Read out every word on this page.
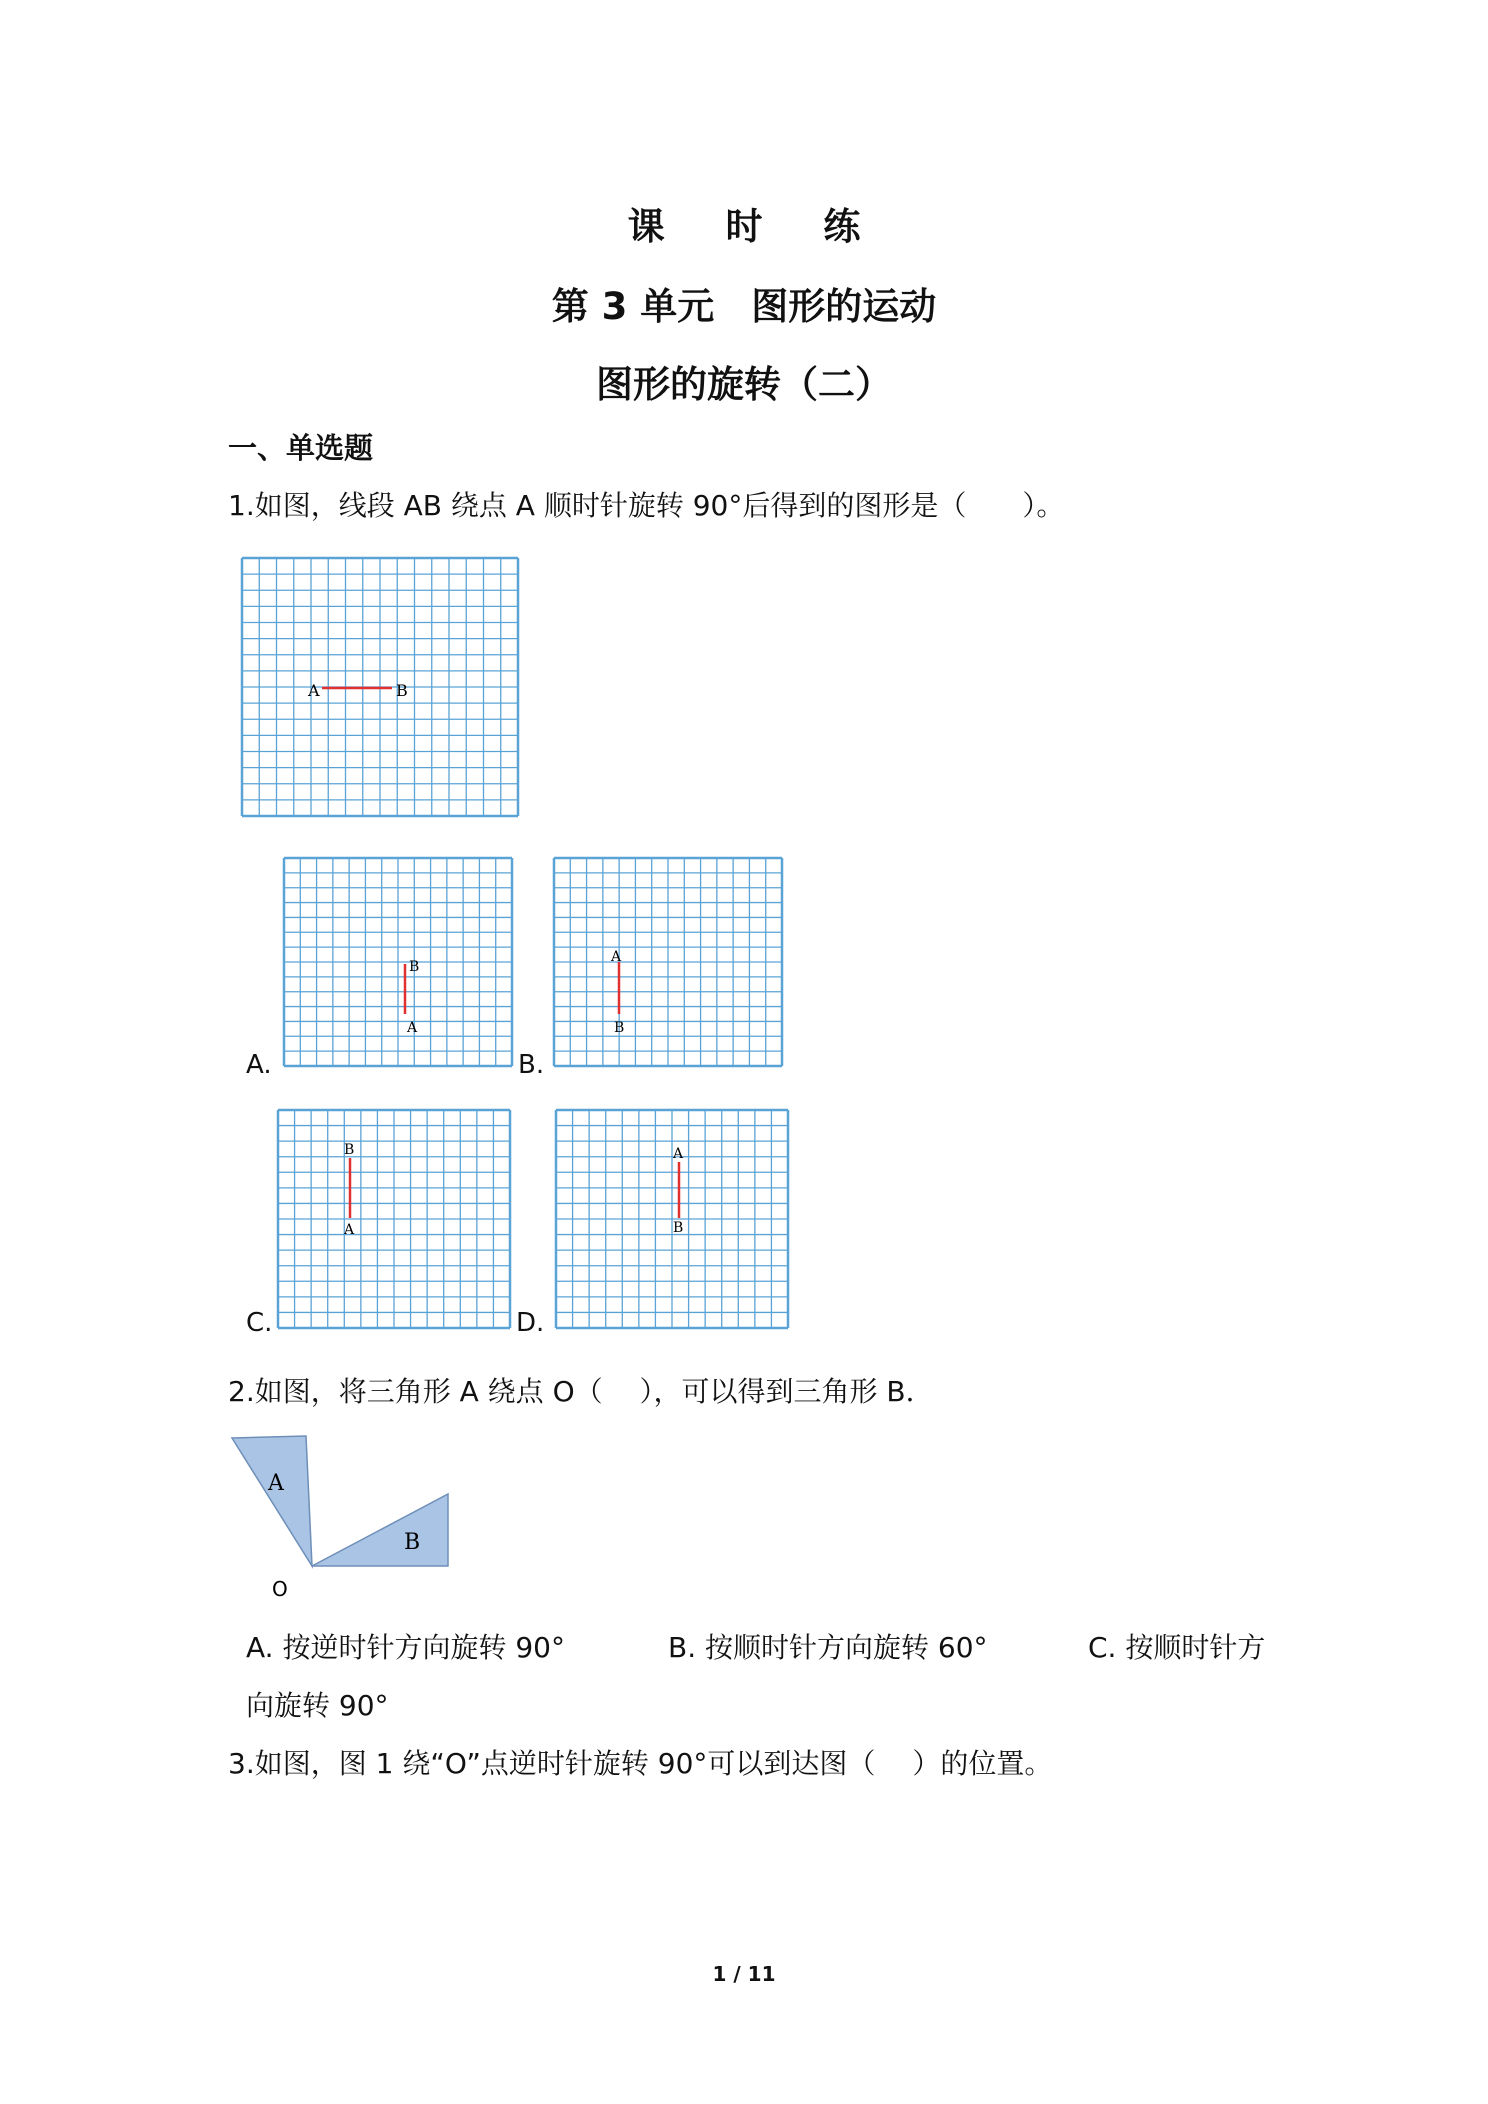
课 时 练
第 3 单元　图形的运动
图形的旋转（二）
一、单选题
1.如图，线段 AB 绕点 A 顺时针旋转 90°后得到的图形是（　　）。
A	B
A.
B
A
B.
A
B
C.
B
A
D.
A
B
2.如图，将三角形 A 绕点 O（　 ），可以得到三角形 B．
A
B
O
A. 按逆时针方向旋转 90°	B. 按顺时针方向旋转 60°	C. 按顺时针方
向旋转 90°
3.如图，图 1 绕“O”点逆时针旋转 90°可以到达图（　 ）的位置。
1 / 11
